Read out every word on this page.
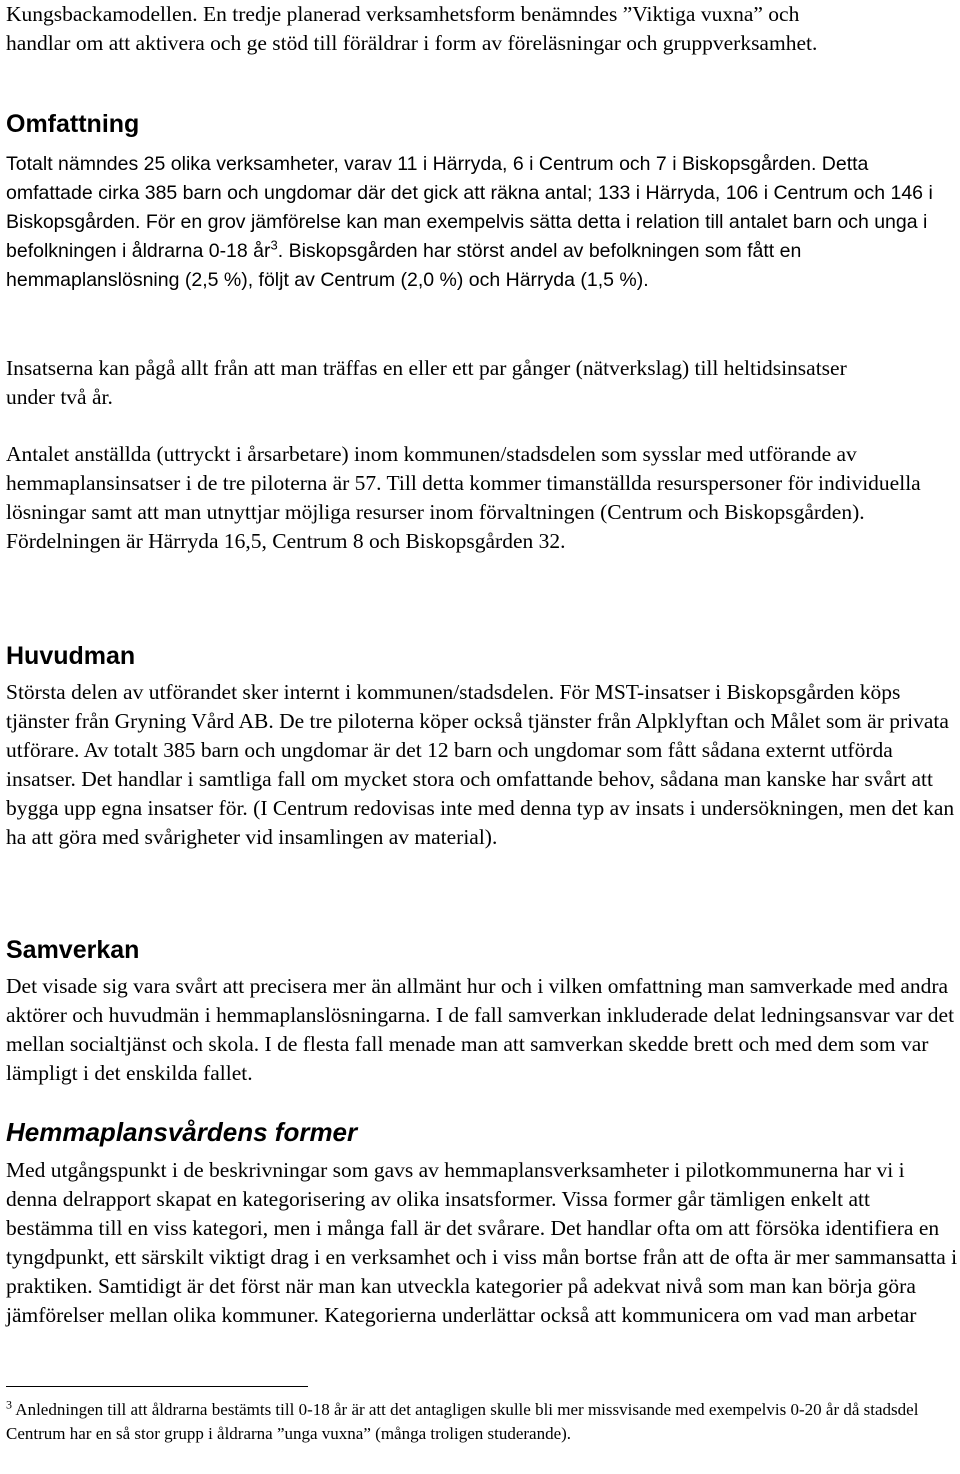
Kungsbackamodellen. En tredje planerad verksamhetsform benämndes ”Viktiga vuxna” och
handlar om att aktivera och ge stöd till föräldrar i form av föreläsningar och gruppverksamhet.
Omfattning

Totalt nämndes 25 olika verksamheter, varav 11 i Härryda, 6 i Centrum och 7 i Biskopsgården. Detta omfattade cirka 385 barn och ungdomar där det gick att räkna antal; 133 i Härryda, 106 i Centrum och 146 i Biskopsgården. För en grov jämförelse kan man exempelvis sätta detta i relation till antalet barn och unga i befolkningen i åldrarna 0-18 $år^3$. Biskopsgården har störst andel av befolkningen som fått en hemmaplanslösning (2,5 %), följt av Centrum (2,0 %) och Härryda (1,5 %).

Insatserna kan pågå allt från att man träffas en eller ett par gånger (nätverkslag) till heltidsinsatser under två år.

Antalet anställda (uttryckt i årsarbetare) inom kommunen/stadsdelen som sysslar med utförande av hemmaplansinsatser i de tre piloterna är 57. Till detta kommer timanställda resurspersoner för individuella lösningar samt att man utnyttjar möjliga resurser inom förvaltningen (Centrum och Biskopsgården). Fördelningen är Härryda 16,5, Centrum 8 och Biskopsgården 32.

Huvudman

Största delen av utförandet sker internt i kommunen/stadsdelen. För MST-insatser i Biskopsgården köps tjänster från Gryning Vård AB. De tre piloterna köper också tjänster från Alpklyftan och Målet som är privata utförare. Av totalt 385 barn och ungdomar är det 12 barn och ungdomar som fått sådana externt utförda insatser. Det handlar i samtliga fall om mycket stora och omfattande behov, sådana man kanske har svårt att bygga upp egna insatser för. (I Centrum redovisas inte med denna typ av insats i undersökningen, men det kan ha att göra med svårigheter vid insamlingen av material).

Samverkan

Det visade sig vara svårt att precisera mer än allmänt hur och i vilken omfattning man samverkade med andra aktörer och huvudmän i hemmaplanslösningarna. I de fall samverkan inkluderade delat ledningsansvar var det mellan socialtjänst och skola. I de flesta fall menade man att samverkan skedde brett och med dem som var lämpligt i det enskilda fallet.

Hemmaplansvårdens former

Med utgångspunkt i de beskrivningar som gavs av hemmaplansverksamheter i pilotkommunerna har vi i denna delrapport skapat en kategorisering av olika insatsformer. Vissa former går tämligen enkelt att bestämma till en viss kategori, men i många fall är det svårare. Det handlar ofta om att försöka identifiera en tyngdpunkt, ett särskilt viktigt drag i en verksamhet och i viss mån bortse från att de ofta är mer sammansatta i praktiken. Samtidigt är det först när man kan utveckla kategorier på adekvat nivå som man kan börja göra jämförelser mellan olika kommuner. Kategorierna underlättar också att kommunicera om vad man arbetar

$^3$ Anledningen till att åldrarna bestämts till 0-18 år är att det antagligen skulle bli mer missvisande med exempelvis 0-20 år då stadsdel Centrum har en så stor grupp i åldrarna ”unga vuxna” (många troligen studerande).
